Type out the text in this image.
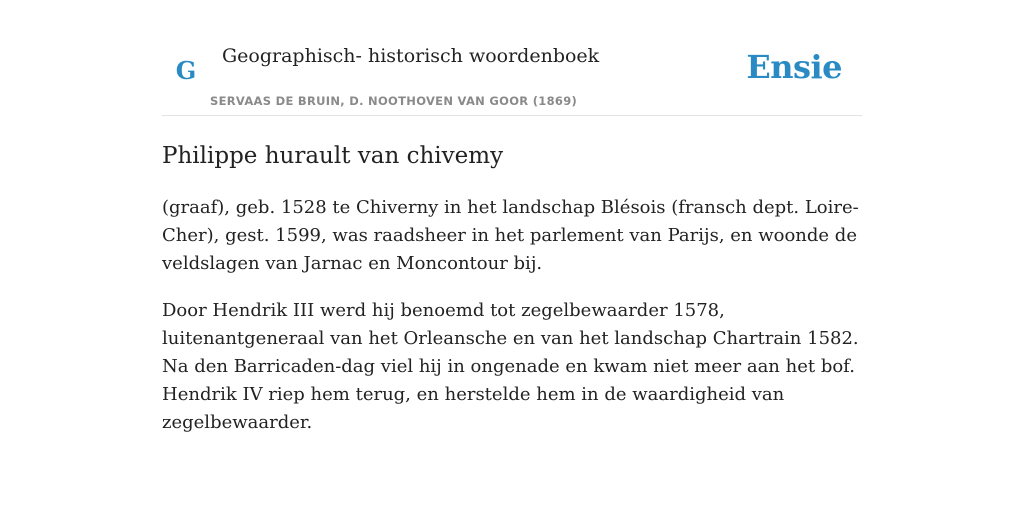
G	Geographisch- historisch woordenboek
SERVAAS DE BRUIN, D. NOOTHOVEN VAN GOOR (1869)
Ensie
Philippe hurault van chivemy

(graaf), geb. 1528 te Chiverny in het landschap Blésois (fransch dept. Loire-Cher), gest. 1599, was raadsheer in het parlement van Parijs, en woonde de veldslagen van Jarnac en Moncontour bij.

Door Hendrik III werd hij benoemd tot zegelbewaarder 1578, luitenantgeneraal van het Orleansche en van het landschap Chartrain 1582. Na den Barricaden-dag viel hij in ongenade en kwam niet meer aan het bof. Hendrik IV riep hem terug, en herstelde hem in de waardigheid van zegelbewaarder.
